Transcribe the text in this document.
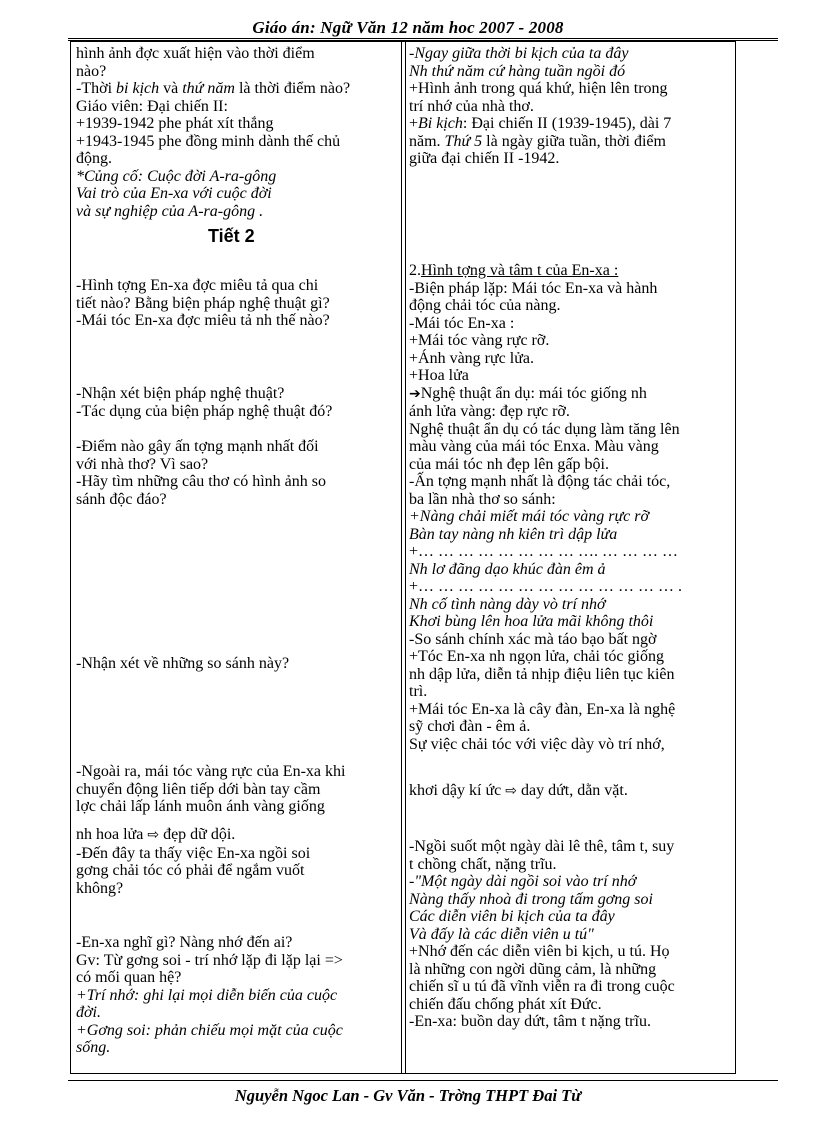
Giáo án: Ngữ Văn 12 năm hoc 2007 - 2008
hình ảnh đợc xuất hiện vào thời điểm
nào?
-Thời bi kịch và thứ năm là thời điểm nào?
Giáo viên: Đại chiến II:
+1939-1942 phe phát xít thắng
+1943-1945 phe đồng minh dành thế chủ
động.
*Củng cố: Cuộc đời A-ra-gông
Vai trò của En-xa với cuộc đời
và sự nghiệp của A-ra-gông .
Tiết 2
-Hình tợng En-xa đợc miêu tả qua chi
tiết nào? Bằng biện pháp nghệ thuật gì?
-Mái tóc En-xa đợc miêu tả nh thế nào?
-Nhận xét biện pháp nghệ thuật?
-Tác dụng của biện pháp nghệ thuật đó?
-Điểm nào gây ấn tợng mạnh nhất đối
với nhà thơ? Vì sao?
-Hãy tìm những câu thơ có hình ảnh so
sánh độc đáo?
-Nhận xét về những so sánh này?
-Ngoài ra, mái tóc vàng rực của En-xa khi
chuyển động liên tiếp dới bàn tay cầm
lợc chải lấp lánh muôn ánh vàng giống
nh hoa lửa ⇨ đẹp dữ dội.
-Đến đây ta thấy việc En-xa ngồi soi
gơng chải tóc có phải để ngắm vuốt
không?
-En-xa nghĩ gì? Nàng nhớ đến ai?
Gv: Từ gơng soi - trí nhớ lặp đi lặp lại =>
có mối quan hệ?
+Trí nhớ: ghi lại mọi diễn biến của cuộc
đời.
+Gơng soi: phản chiếu mọi mặt của cuộc
sống.
-Ngay giữa thời bi kịch của ta đây
Nh thứ năm cứ hàng tuần ngồi đó
+Hình ảnh trong quá khứ, hiện lên trong
trí nhớ của nhà thơ.
+Bi kịch: Đại chiến II (1939-1945), dài 7
năm. Thứ 5 là ngày giữa tuần, thời điểm
giữa đại chiến II -1942.
2.Hình tợng và tâm t của En-xa :
-Biện pháp lặp: Mái tóc En-xa và hành
động chải tóc của nàng.
-Mái tóc En-xa :
+Mái tóc vàng rực rỡ.
+Ánh vàng rực lửa.
+Hoa lửa
➔Nghệ thuật ẩn dụ: mái tóc giống nh
ánh lửa vàng: đẹp rực rỡ.
Nghệ thuật ẩn dụ có tác dụng làm tăng lên
màu vàng của mái tóc Enxa. Màu vàng
của mái tóc nh đẹp lên gấp bội.
-Ấn tợng mạnh nhất là động tác chải tóc,
ba lần nhà thơ so sánh:
+Nàng chải miết mái tóc vàng rực rỡ
Bàn tay nàng nh kiên trì dập lửa
+… … … … … … … … …. … … … …
Nh lơ đãng dạo khúc đàn êm ả
+… … … … … … … … … … … … … .
Nh cố tình nàng dày vò trí nhớ
Khơi bùng lên hoa lửa mãi không thôi
-So sánh chính xác mà táo bạo bất ngờ
+Tóc En-xa nh ngọn lửa, chải tóc giống
nh dập lửa, diễn tả nhịp điệu liên tục kiên
trì.
+Mái tóc En-xa là cây đàn, En-xa là nghệ
sỹ chơi đàn - êm ả.
Sự việc chải tóc với việc dày vò trí nhớ,
khơi dậy kí ức ⇨ day dứt, dằn vặt.
-Ngồi suốt một ngày dài lê thê, tâm t, suy
t chồng chất, nặng trĩu.
-"Một ngày dài ngồi soi vào trí nhớ
Nàng thấy nhoà đi trong tấm gơng soi
Các diễn viên bi kịch của ta đây
Và đấy là các diễn viên u tú"
+Nhớ đến các diễn viên bi kịch, u tú. Họ
là những con ngời dũng cảm, là những
chiến sĩ u tú đã vĩnh viễn ra đi trong cuộc
chiến đấu chống phát xít Đức.
-En-xa: buồn day dứt, tâm t nặng trĩu.
Nguyễn Ngoc Lan - Gv Văn - Trờng THPT Đai Từ
